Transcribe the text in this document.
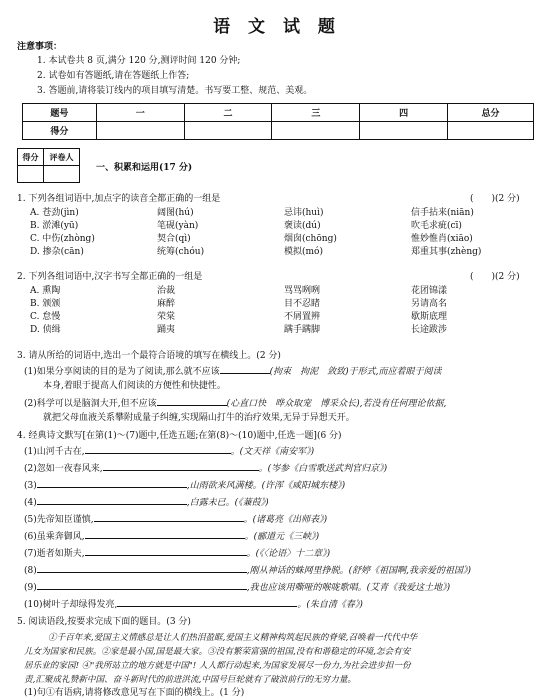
语 文 试 题
注意事项：
1. 本试卷共 8 页,满分 120 分,测评时间 120 分钟;
2. 试卷如有答题纸,请在答题纸上作答;
3. 答题前,请将装订线内的项目填写清楚。书写要工整、规范、美观。
题号	一	二	三	四	总分
得分					
得分	评卷人

一、积累和运用(17 分)
1. 下列各组词语中,加点字的读音全都正确的一组是	(　　)(2 分)
A. 苍劲(jìn)	阔图(hú)	忌讳(huì)	信手拈来(niān)
B. 淤滩(yū)	笔砚(yàn)	褒读(dú)	吹毛求疵(cī)
C. 中伤(zhòng)	契合(qì)	烟囱(chōng)	惟妙惟肖(xiāo)
D. 掺杂(cān)	统筹(chóu)	模拟(mó)	郑重其事(zhèng)
2. 下列各组词语中,汉字书写全都正确的一组是	(　　)(2 分)
A. 熏陶	治裁	骂骂咧咧	花团锦漾
B. 颁颁	麻醉	目不忍睹	另请高名
C. 怠慢	荣棠	不屑置辨	歇斯底理
D. 侦缉	踊夷	蹒手蹒脚	长途跋涉
3. 请从所给的词语中,选出一个最符合语境的填写在横线上。(2 分)
(1)如果分享阅读的目的是为了阅读,那么就不应该	(拘束　拘泥　敛致)于形式,而应着眼于阅读
本身,着眼于提高人们阅读的方便性和快捷性。
(2)科学可以是脑洞大开,但不应该	(心直口快　哗众取宠　博采众长),若没有任何理论依据,
就把父母血液关系攀附成量子纠缠,实现隔山打牛的治疗效果,无异于异想天开。
4. 经典诗文默写[在第(1)～(7)题中,任选五题;在第(8)～(10)题中,任选一题](6 分)
(1)山河千古在,	。(文天祥《南安军》)
(2)忽如一夜春风来,	。(岑参《白雪歌送武判官归京》)
(3)	,山雨欲来风满楼。(许浑《咸阳城东楼》)
(4)	,白露未已。(《蒹葭》)
(5)先帝知臣谨慎,	。(诸葛亮《出师表》)
(6)虽乘奔御风,	。(郦道元《三峡》)
(7)逝者如斯夫,	。(《〈论语〉十二章》)
(8)	,刚从神话的蛛网里挣脱。(舒婷《祖国啊,我亲爱的祖国》)
(9)	,我也应该用嘶哑的喉咙歌唱。(艾青《我爱这土地》)
(10)树叶子却绿得发亮,	。(朱自清《春》)
5. 阅读语段,按要求完成下面的题目。(3 分)
①千百年来,爱国主义情感总是让人们热泪盈眶,爱国主义精神构筑起民族的脊梁,召唤着一代代中华
儿女为国家和民族。②家是最小国,国是最大家。③没有繁荣富强的祖国,没有和谐稳定的环境,怎会有安
居乐业的家园! ④"我所站立的地方就是中国"! 人人都行动起来,为国家发展尽一份力,为社会进步担一份
责,汇聚成礼赞新中国、奋斗新时代的前进洪流,中国号巨轮就有了破浪前行的无穷力量。
(1)句①有语病,请将修改意见写在下面的横线上。(1 分)
